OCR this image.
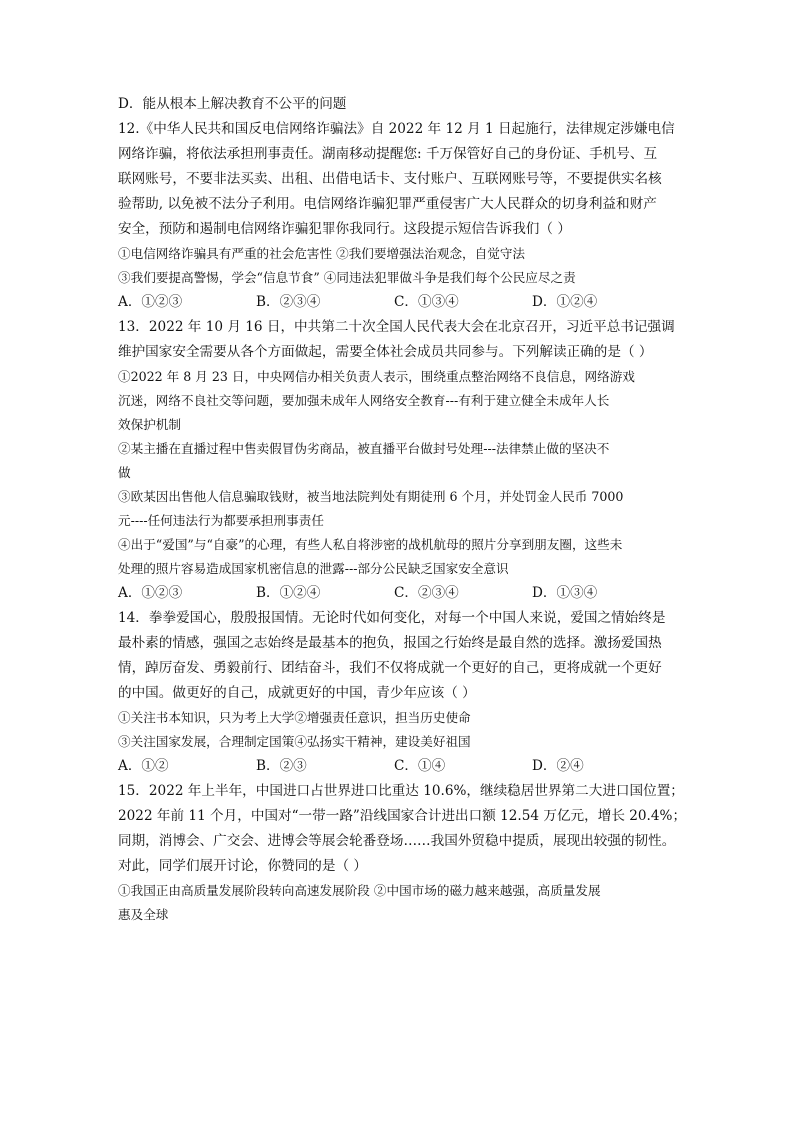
D．能从根本上解决教育不公平的问题
12.《中华人民共和国反电信网络诈骗法》自 2022 年 12 月 1 日起施行，法律规定涉嫌电信
网络诈骗，将依法承担刑事责任。湖南移动提醒您: 千万保管好自己的身份证、手机号、互
联网账号，不要非法买卖、出租、出借电话卡、支付账户、互联网账号等，不要提供实名核
验帮助, 以免被不法分子利用。电信网络诈骗犯罪严重侵害广大人民群众的切身利益和财产
安全，预防和遏制电信网络诈骗犯罪你我同行。这段提示短信告诉我们（ ）
①电信网络诈骗具有严重的社会危害性 ②我们要增强法治观念，自觉守法
③我们要提高警惕，学会“信息节食” ④同违法犯罪做斗争是我们每个公民应尽之责
A．①②③	B．②③④	C．①③④	D．①②④
13．2022 年 10 月 16 日，中共第二十次全国人民代表大会在北京召开，习近平总书记强调
维护国家安全需要从各个方面做起，需要全体社会成员共同参与。下列解读正确的是（ ）
①2022 年 8 月 23 日，中央网信办相关负责人表示，围绕重点整治网络不良信息，网络游戏
沉迷，网络不良社交等问题，要加强未成年人网络安全教育---有利于建立健全未成年人长
效保护机制
②某主播在直播过程中售卖假冒伪劣商品，被直播平台做封号处理---法律禁止做的坚决不
做
③欧某因出售他人信息骗取钱财，被当地法院判处有期徒刑 6 个月，并处罚金人民币 7000
元----任何违法行为都要承担刑事责任
④出于“爱国”与“自豪”的心理，有些人私自将涉密的战机航母的照片分享到朋友圈，这些未
处理的照片容易造成国家机密信息的泄露---部分公民缺乏国家安全意识
A．①②③	B．①②④	C．②③④	D．①③④
14．拳拳爱国心，殷殷报国情。无论时代如何变化，对每一个中国人来说，爱国之情始终是
最朴素的情感，强国之志始终是最基本的抱负，报国之行始终是最自然的选择。激扬爱国热
情，踔厉奋发、勇毅前行、团结奋斗，我们不仅将成就一个更好的自己，更将成就一个更好
的中国。做更好的自己，成就更好的中国，青少年应该（ ）
①关注书本知识，只为考上大学②增强责任意识，担当历史使命
③关注国家发展，合理制定国策④弘扬实干精神，建设美好祖国
A．①②	B．②③	C．①④	D．②④
15．2022 年上半年，中国进口占世界进口比重达 10.6%，继续稳居世界第二大进口国位置；
2022 年前 11 个月，中国对“一带一路”沿线国家合计进出口额 12.54 万亿元，增长 20.4%；
同期，消博会、广交会、进博会等展会轮番登场……我国外贸稳中提质，展现出较强的韧性。
对此，同学们展开讨论，你赞同的是（ ）
①我国正由高质量发展阶段转向高速发展阶段 ②中国市场的磁力越来越强，高质量发展
惠及全球
